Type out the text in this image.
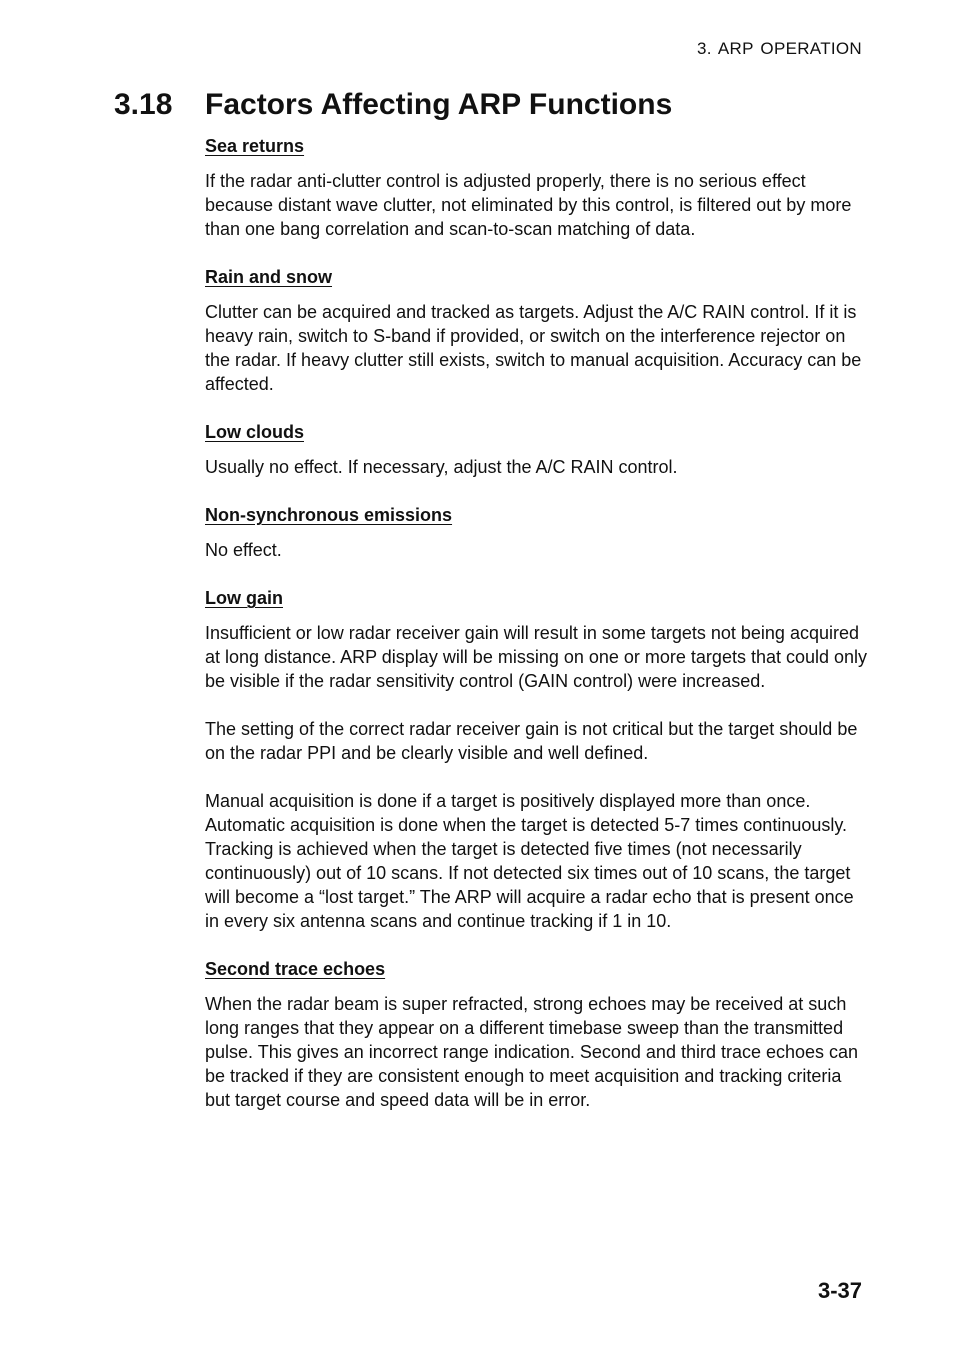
3. ARP OPERATION
3.18 Factors Affecting ARP Functions
Sea returns

If the radar anti-clutter control is adjusted properly, there is no serious effect because distant wave clutter, not eliminated by this control, is filtered out by more than one bang correlation and scan-to-scan matching of data.

Rain and snow

Clutter can be acquired and tracked as targets. Adjust the A/C RAIN control. If it is heavy rain, switch to S-band if provided, or switch on the interference rejector on the radar. If heavy clutter still exists, switch to manual acquisition. Accuracy can be affected.

Low clouds

Usually no effect. If necessary, adjust the A/C RAIN control.

Non-synchronous emissions

No effect.

Low gain

Insufficient or low radar receiver gain will result in some targets not being acquired at long distance. ARP display will be missing on one or more targets that could only be visible if the radar sensitivity control (GAIN control) were increased.

The setting of the correct radar receiver gain is not critical but the target should be on the radar PPI and be clearly visible and well defined.

Manual acquisition is done if a target is positively displayed more than once. Automatic acquisition is done when the target is detected 5-7 times continuously. Tracking is achieved when the target is detected five times (not necessarily continuously) out of 10 scans. If not detected six times out of 10 scans, the target will become a “lost target.” The ARP will acquire a radar echo that is present once in every six antenna scans and continue tracking if 1 in 10.

Second trace echoes

When the radar beam is super refracted, strong echoes may be received at such long ranges that they appear on a different timebase sweep than the transmitted pulse. This gives an incorrect range indication. Second and third trace echoes can be tracked if they are consistent enough to meet acquisition and tracking criteria but target course and speed data will be in error.

3-37
